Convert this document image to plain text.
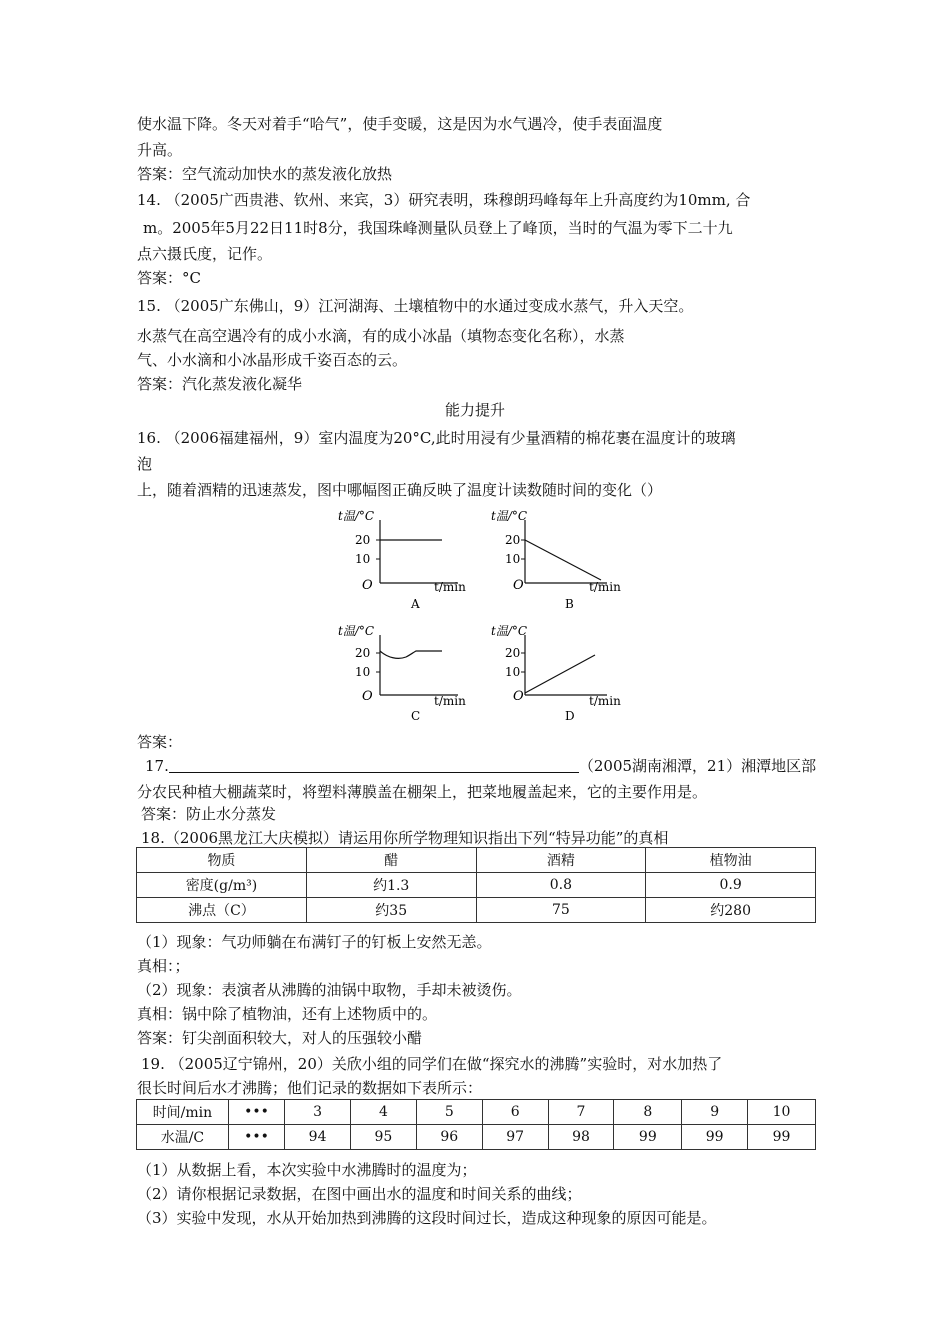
使水温下降。冬天对着手“哈气”，使手变暖，这是因为水气遇冷，使手表面温度
升高。
答案：空气流动加快水的蒸发液化放热
14. （2005广西贵港、钦州、来宾，3）研究表明，珠穆朗玛峰每年上升高度约为10mm, 合
m。2005年5月22日11时8分，我国珠峰测量队员登上了峰顶，当时的气温为零下二十九
点六摄氏度，记作。
答案：°C
15. （2005广东佛山，9）江河湖海、土壤植物中的水通过变成水蒸气，升入天空。
水蒸气在高空遇冷有的成小水滴，有的成小冰晶（填物态变化名称），水蒸
气、小水滴和小冰晶形成千姿百态的云。
答案：汽化蒸发液化凝华
能力提升
16. （2006福建福州，9）室内温度为20°C,此时用浸有少量酒精的棉花裹在温度计的玻璃
泡
上，随着酒精的迅速蒸发，图中哪幅图正确反映了温度计读数随时间的变化（）
t温/°C
20
10
O	t/min
A
t温/°C
20
10
O	t/min
B
t温/°C
20
10
O	t/min
C
t温/°C
20
10
O	t/min
D
答案：
17.	（2005湖南湘潭，21）湘潭地区部
分农民种植大棚蔬菜时，将塑料薄膜盖在棚架上，把菜地履盖起来，它的主要作用是。
答案：防止水分蒸发
18.（2006黑龙江大庆模拟）请运用你所学物理知识指出下列“特异功能”的真相
物质	醋	酒精	植物油
密度(g/m³)	约1.3	0.8	0.9
沸点（C）	约35	75	约280
（1）现象：气功师躺在布满钉子的钉板上安然无恙。
真相：；
（2）现象：表演者从沸腾的油锅中取物，手却未被烫伤。
真相：锅中除了植物油，还有上述物质中的。
答案：钉尖剖面积较大，对人的压强较小醋
19. （2005辽宁锦州，20）关欣小组的同学们在做“探究水的沸腾”实验时，对水加热了
很长时间后水才沸腾；他们记录的数据如下表所示：
时间/min	•••	3	4	5	6	7	8	9	10
水温/C	•••	94	95	96	97	98	99	99	99
（1）从数据上看，本次实验中水沸腾时的温度为；
（2）请你根据记录数据，在图中画出水的温度和时间关系的曲线；
（3）实验中发现，水从开始加热到沸腾的这段时间过长，造成这种现象的原因可能是。
